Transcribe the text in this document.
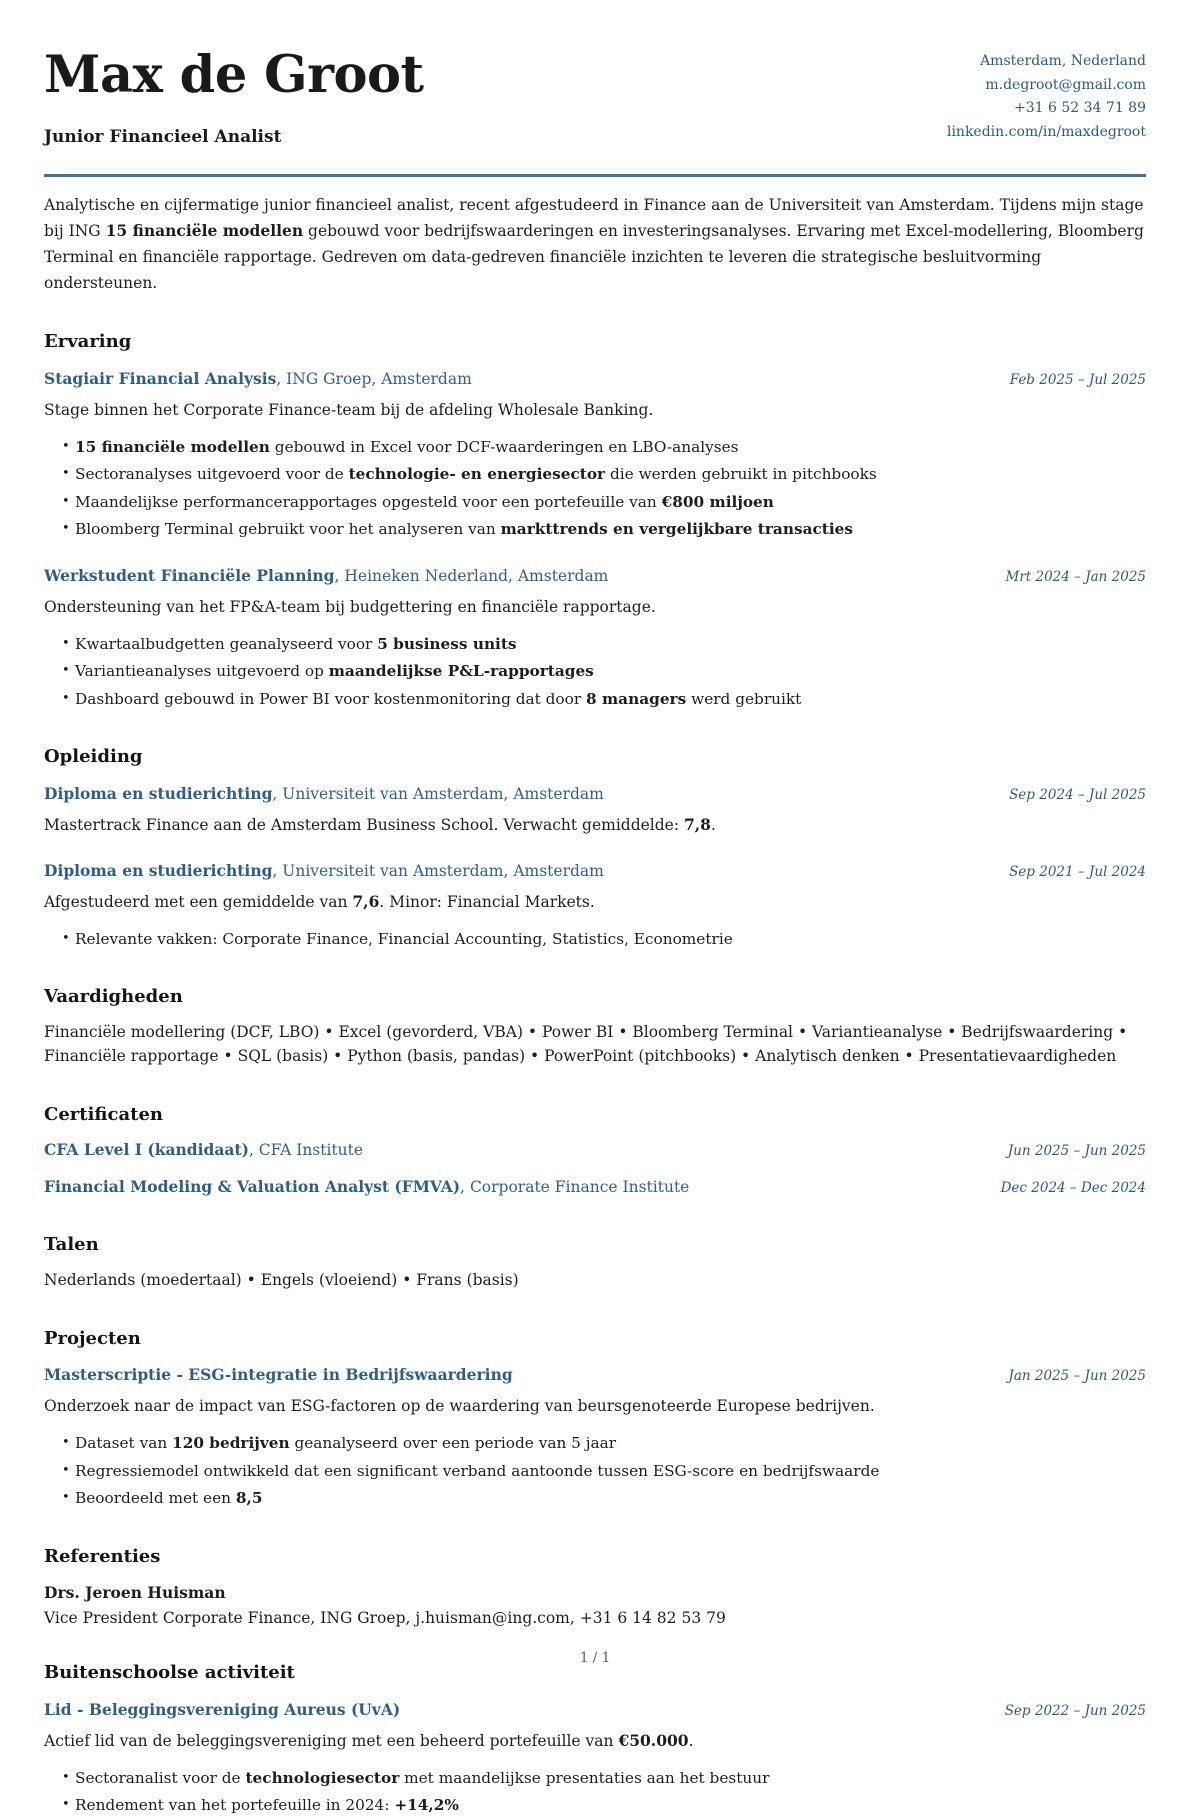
Max de Groot
Junior Financieel Analist
Amsterdam, Nederland
m.degroot@gmail.com
+31 6 52 34 71 89
linkedin.com/in/maxdegroot

Analytische en cijfermatige junior financieel analist, recent afgestudeerd in Finance aan de Universiteit van Amsterdam. Tijdens mijn stage bij ING 15 financiële modellen gebouwd voor bedrijfswaarderingen en investeringsanalyses. Ervaring met Excel-modellering, Bloomberg Terminal en financiële rapportage. Gedreven om data-gedreven financiële inzichten te leveren die strategische besluitvorming ondersteunen.

Ervaring
Stagiair Financial Analysis, ING Groep, Amsterdam	Feb 2025 – Jul 2025

Stage binnen het Corporate Finance-team bij de afdeling Wholesale Banking.

• 15 financiële modellen gebouwd in Excel voor DCF-waarderingen en LBO-analyses
• Sectoranalyses uitgevoerd voor de technologie- en energiesector die werden gebruikt in pitchbooks
• Maandelijkse performancerapportages opgesteld voor een portefeuille van €800 miljoen
• Bloomberg Terminal gebruikt voor het analyseren van markttrends en vergelijkbare transacties
Werkstudent Financiële Planning, Heineken Nederland, Amsterdam	Mrt 2024 – Jan 2025

Ondersteuning van het FP&A-team bij budgettering en financiële rapportage.

• Kwartaalbudgetten geanalyseerd voor 5 business units
• Variantieanalyses uitgevoerd op maandelijkse P&L-rapportages
• Dashboard gebouwd in Power BI voor kostenmonitoring dat door 8 managers werd gebruikt
Opleiding
Diploma en studierichting, Universiteit van Amsterdam, Amsterdam	Sep 2024 – Jul 2025

Mastertrack Finance aan de Amsterdam Business School. Verwacht gemiddelde: 7,8.

Diploma en studierichting, Universiteit van Amsterdam, Amsterdam	Sep 2021 – Jul 2024

Afgestudeerd met een gemiddelde van 7,6. Minor: Financial Markets.

• Relevante vakken: Corporate Finance, Financial Accounting, Statistics, Econometrie
Vaardigheden

Financiële modellering (DCF, LBO) • Excel (gevorderd, VBA) • Power BI • Bloomberg Terminal • Variantieanalyse • Bedrijfswaardering • Financiële rapportage • SQL (basis) • Python (basis, pandas) • PowerPoint (pitchbooks) • Analytisch denken • Presentatievaardigheden

Certificaten
CFA Level I (kandidaat), CFA Institute	Jun 2025 – Jun 2025
Financial Modeling & Valuation Analyst (FMVA), Corporate Finance Institute	Dec 2024 – Dec 2024
Talen

Nederlands (moedertaal) • Engels (vloeiend) • Frans (basis)

Projecten
Masterscriptie - ESG-integratie in Bedrijfswaardering	Jan 2025 – Jun 2025

Onderzoek naar de impact van ESG-factoren op de waardering van beursgenoteerde Europese bedrijven.

• Dataset van 120 bedrijven geanalyseerd over een periode van 5 jaar
• Regressiemodel ontwikkeld dat een significant verband aantoonde tussen ESG-score en bedrijfswaarde
• Beoordeeld met een 8,5
Referenties

Drs. Jeroen Huisman

Vice President Corporate Finance, ING Groep, j.huisman@ing.com, +31 6 14 82 53 79

Buitenschoolse activiteit
Lid - Beleggingsvereniging Aureus (UvA)	Sep 2022 – Jun 2025

Actief lid van de beleggingsvereniging met een beheerd portefeuille van €50.000.

• Sectoranalist voor de technologiesector met maandelijkse presentaties aan het bestuur
• Rendement van het portefeuille in 2024: +14,2%
1 / 1
